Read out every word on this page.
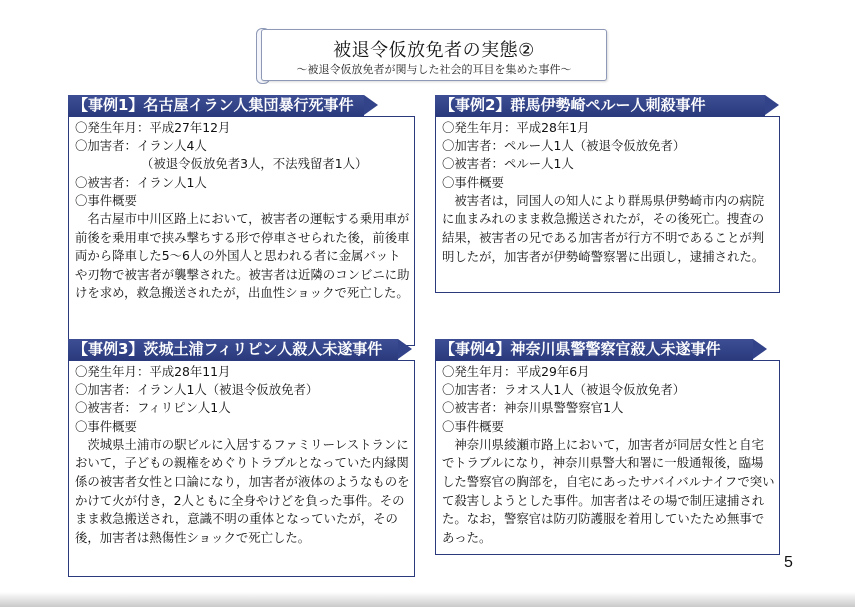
被退令仮放免者の実態②
～被退令仮放免者が関与した社会的耳目を集めた事件～
【事例1】名古屋イラン人集団暴行死事件
〇発生年月：平成27年12月
〇加害者：イラン人4人
（被退令仮放免者3人，不法残留者1人）
〇被害者：イラン人1人
〇事件概要
名古屋市中川区路上において，被害者の運転する乗用車が前後を乗用車で挟み撃ちする形で停車させられた後，前後車両から降車した5～6人の外国人と思われる者に金属バットや刃物で被害者が襲撃された。被害者は近隣のコンビニに助けを求め，救急搬送されたが，出血性ショックで死亡した。
【事例2】群馬伊勢崎ペルー人刺殺事件
〇発生年月：平成28年1月
〇加害者：ペルー人1人（被退令仮放免者）
〇被害者：ペルー人1人
〇事件概要
被害者は，同国人の知人により群馬県伊勢崎市内の病院に血まみれのまま救急搬送されたが，その後死亡。捜査の結果，被害者の兄である加害者が行方不明であることが判明したが，加害者が伊勢崎警察署に出頭し，逮捕された。
【事例3】茨城土浦フィリピン人殺人未遂事件
〇発生年月：平成28年11月
〇加害者：イラン人1人（被退令仮放免者）
〇被害者：フィリピン人1人
〇事件概要
茨城県土浦市の駅ビルに入居するファミリーレストランにおいて，子どもの親権をめぐりトラブルとなっていた内縁関係の被害者女性と口論になり，加害者が液体のようなものをかけて火が付き，2人ともに全身やけどを負った事件。そのまま救急搬送され，意識不明の重体となっていたが，その後，加害者は熱傷性ショックで死亡した。
【事例4】神奈川県警警察官殺人未遂事件
〇発生年月：平成29年6月
〇加害者：ラオス人1人（被退令仮放免者）
〇被害者：神奈川県警警察官1人
〇事件概要
神奈川県綾瀬市路上において，加害者が同居女性と自宅でトラブルになり，神奈川県警大和署に一般通報後，臨場した警察官の胸部を，自宅にあったサバイバルナイフで突いて殺害しようとした事件。加害者はその場で制圧逮捕された。なお，警察官は防刃防護服を着用していたため無事であった。
5
